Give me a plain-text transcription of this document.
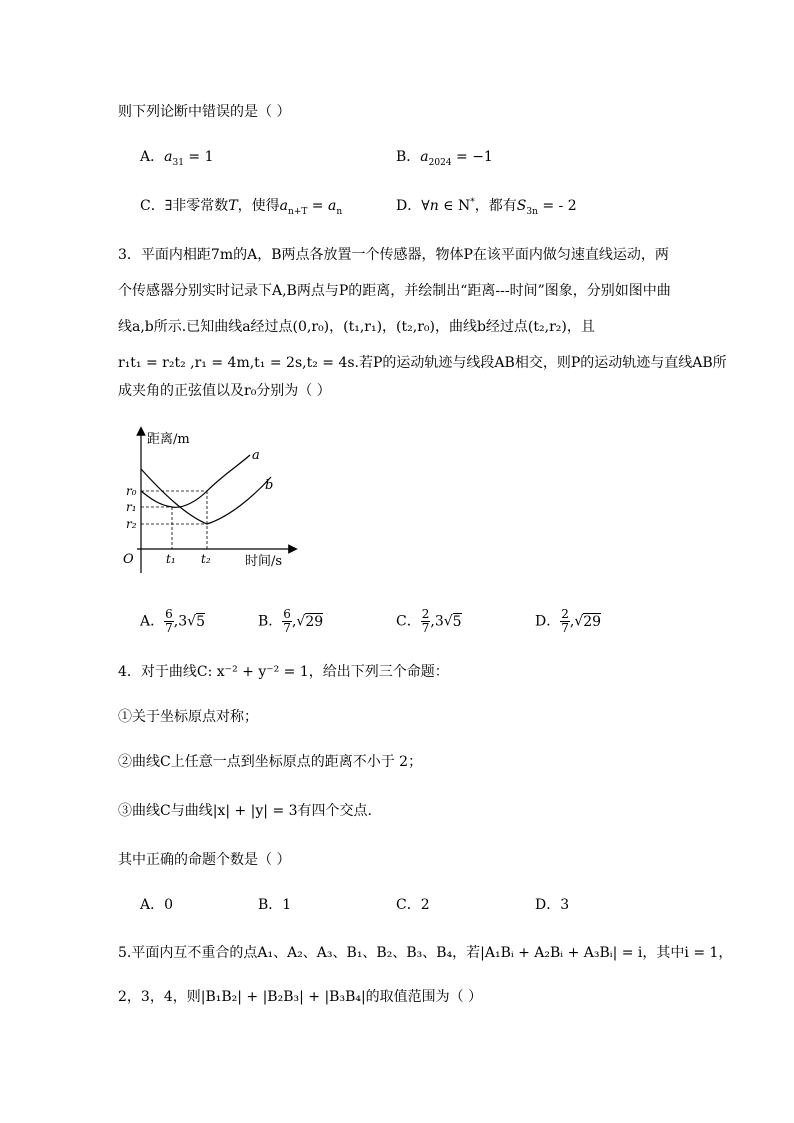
则下列论断中错误的是（ ）
A．$a_{31} = 1$	B．$a_{2024} = -1$
C．∃非零常数T，使得$a_{n+T} = a_n$	D．∀n ∈ N*，都有$S_{3n}$ = - 2
3．平面内相距7m的A，B两点各放置一个传感器，物体P在该平面内做匀速直线运动，两
个传感器分别实时记录下A,B两点与P的距离，并绘制出“距离---时间”图象，分别如图中曲
线a,b所示.已知曲线a经过点(0,r₀)，(t₁,r₁)，(t₂,r₀)，曲线b经过点(t₂,r₂)，且
r₁t₁ = r₂t₂ ,r₁ = 4m,t₁ = 2s,t₂ = 4s.若P的运动轨迹与线段AB相交，则P的运动轨迹与直线AB所
成夹角的正弦值以及r₀分别为（ ）
距离/m
时间/s
O
a
b
r₀
r₁
r₂
t₁ t₂
A． $\frac{6}{7} ,3√5$	B． $\frac{6}{7} ,√29$	C． $\frac{2}{7} ,3√5$	D． $\frac{2}{7} ,√29$
4．对于曲线C: x⁻² + y⁻² = 1，给出下列三个命题：
①关于坐标原点对称；
②曲线C上任意一点到坐标原点的距离不小于 2；
③曲线C与曲线|x| + |y| = 3有四个交点.
其中正确的命题个数是（ ）
A．0	B．1	C．2	D．3
5.平面内互不重合的点A₁、A₂、A₃、B₁、B₂、B₃、B₄，若|A₁Bᵢ + A₂Bᵢ + A₃Bᵢ| = i，其中i = 1，
2，3，4，则|B₁B₂| + |B₂B₃| + |B₃B₄|的取值范围为（ ）
